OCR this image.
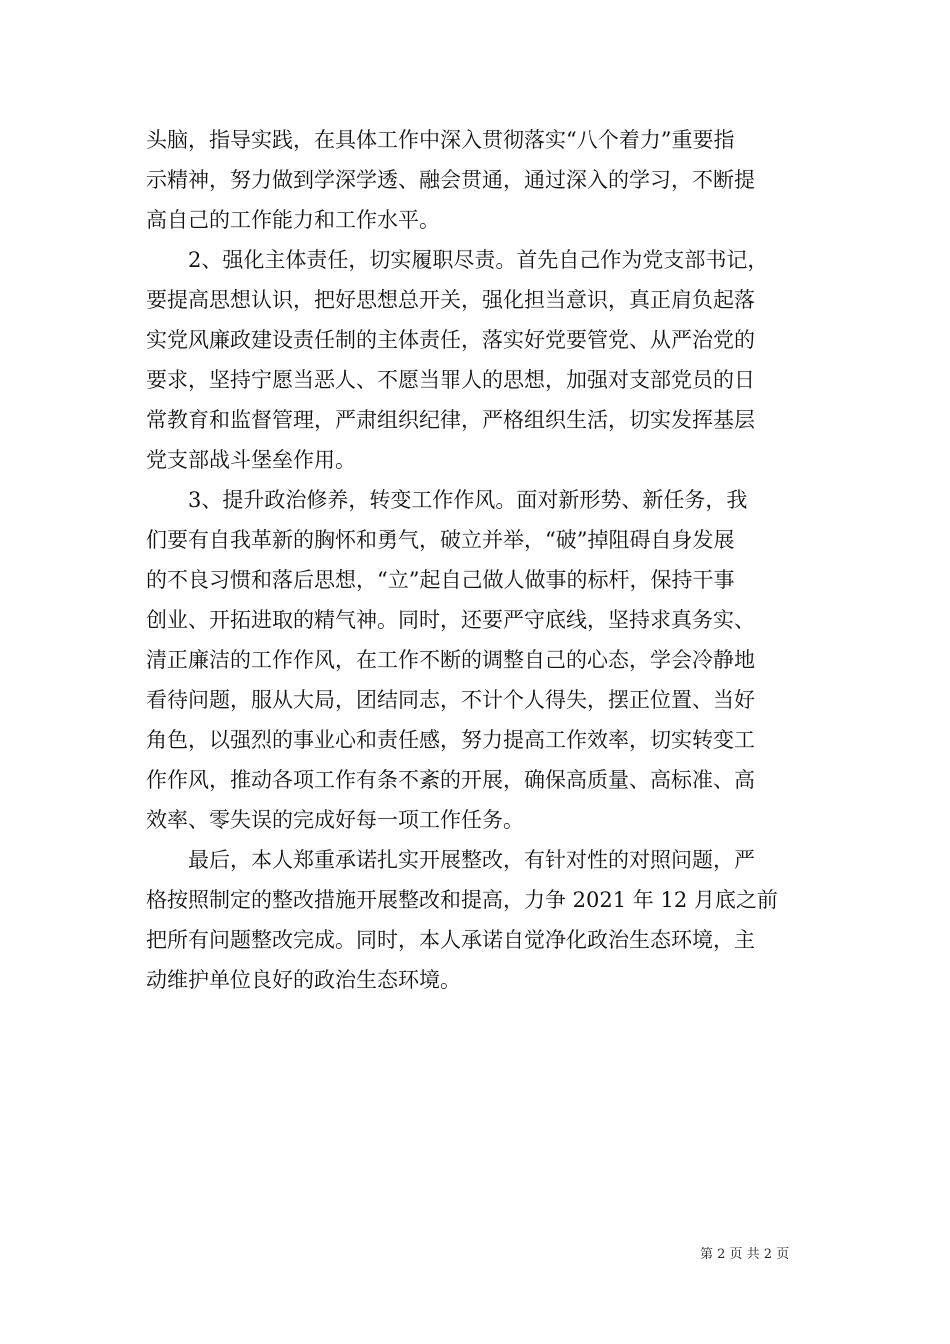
头脑，指导实践，在具体工作中深入贯彻落实“八个着力”重要指
示精神，努力做到学深学透、融会贯通，通过深入的学习，不断提
高自己的工作能力和工作水平。
2、强化主体责任，切实履职尽责。首先自己作为党支部书记，
要提高思想认识，把好思想总开关，强化担当意识，真正肩负起落
实党风廉政建设责任制的主体责任，落实好党要管党、从严治党的
要求，坚持宁愿当恶人、不愿当罪人的思想，加强对支部党员的日
常教育和监督管理，严肃组织纪律，严格组织生活，切实发挥基层
党支部战斗堡垒作用。
3、提升政治修养，转变工作作风。面对新形势、新任务，我
们要有自我革新的胸怀和勇气，破立并举，“破”掉阻碍自身发展
的不良习惯和落后思想，“立”起自己做人做事的标杆，保持干事
创业、开拓进取的精气神。同时，还要严守底线，坚持求真务实、
清正廉洁的工作作风，在工作不断的调整自己的心态，学会冷静地
看待问题，服从大局，团结同志，不计个人得失，摆正位置、当好
角色，以强烈的事业心和责任感，努力提高工作效率，切实转变工
作作风，推动各项工作有条不紊的开展，确保高质量、高标准、高
效率、零失误的完成好每一项工作任务。
最后，本人郑重承诺扎实开展整改，有针对性的对照问题，严
格按照制定的整改措施开展整改和提高，力争 2021 年 12 月底之前
把所有问题整改完成。同时，本人承诺自觉净化政治生态环境，主
动维护单位良好的政治生态环境。
第 2 页 共 2 页
